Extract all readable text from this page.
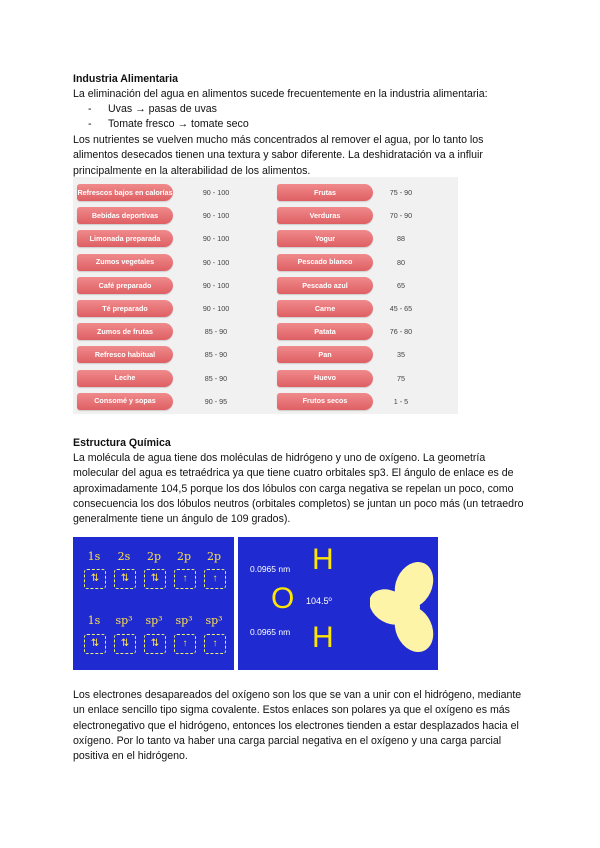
Industria Alimentaria
La eliminación del agua en alimentos sucede frecuentemente en la industria alimentaria:
- Uvas → pasas de uvas
- Tomate fresco → tomate seco
Los nutrientes se vuelven mucho más concentrados al remover el agua, por lo tanto los alimentos desecados tienen una textura y sabor diferente. La deshidratación va a influir principalmente en la alterabilidad de los alimentos.
Refrescos bajos en calorías	90 - 100
Bebidas deportivas	90 - 100
Limonada preparada	90 - 100
Zumos vegetales	90 - 100
Café preparado	90 - 100
Té preparado	90 - 100
Zumos de frutas	85 - 90
Refresco habitual	85 - 90
Leche	85 - 90
Consomé y sopas	90 - 95
Frutas	75 - 90
Verduras	70 - 90
Yogur	88
Pescado blanco	80
Pescado azul	65
Carne	45 - 65
Patata	76 - 80
Pan	35
Huevo	75
Frutos secos	1 - 5
Estructura Química
La molécula de agua tiene dos moléculas de hidrógeno y uno de oxígeno. La geometría molecular del agua es tetraédrica ya que tiene cuatro orbitales sp3. El ángulo de enlace es de aproximadamente 104,5 porque los dos lóbulos con carga negativa se repelan un poco, como consecuencia los dos lóbulos neutros (orbitales completos) se juntan un poco más (un tetraedro generalmente tiene un ángulo de 109 grados).
1s
⇅
2s
⇅
2p
⇅
2p
↑
2p
↑
1s
⇅
sp³
⇅
sp³
⇅
sp³
↑
sp³
↑
0.0965 nm
0.0965 nm
H
H
O 104.5º
Los electrones desapareados del oxígeno son los que se van a unir con el hidrógeno, mediante un enlace sencillo tipo sigma covalente. Estos enlaces son polares ya que el oxígeno es más electronegativo que el hidrógeno, entonces los electrones tienden a estar desplazados hacia el oxígeno. Por lo tanto va haber una carga parcial negativa en el oxígeno y una carga parcial positiva en el hidrógeno.
